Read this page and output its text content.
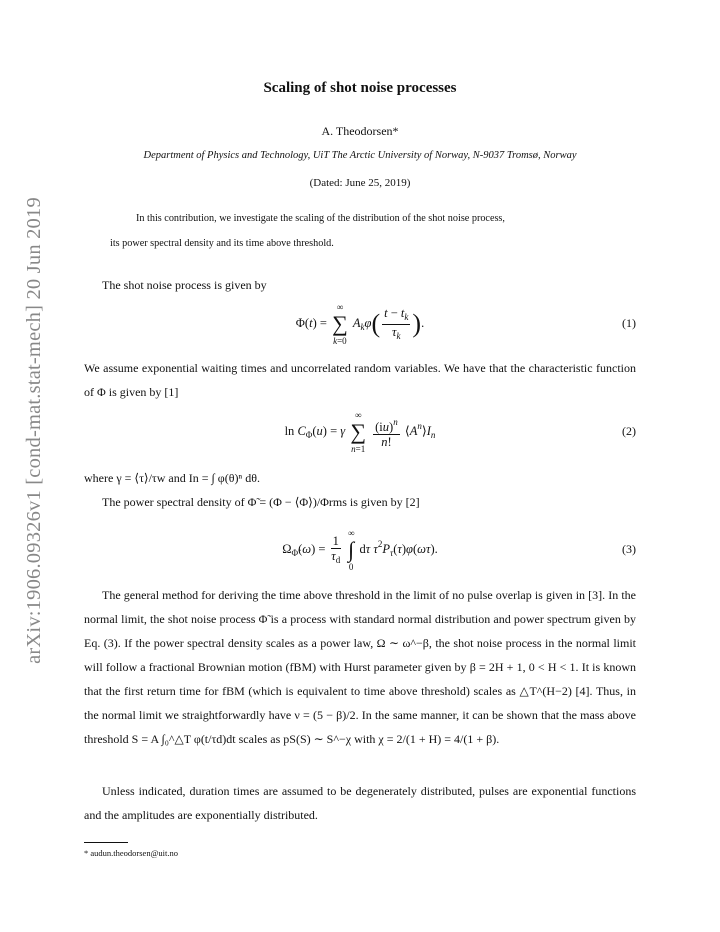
arXiv:1906.09326v1 [cond-mat.stat-mech] 20 Jun 2019
Scaling of shot noise processes
A. Theodorsen*
Department of Physics and Technology, UiT The Arctic University of Norway, N-9037 Tromsø, Norway
(Dated: June 25, 2019)

In this contribution, we investigate the scaling of the distribution of the shot noise process,

its power spectral density and its time above threshold.

The shot noise process is given by

Φ(t) =
∞
∑
k=0
$A_k\varphi( \frac{t - t_k}{\tau_k}$ ).	(1)

We assume exponential waiting times and uncorrelated random variables. We have that the characteristic function of Φ is given by [1]

$\ln C_\Phi(u) = \gamma$
∞
∑
n=1
$\frac{(iu)^n}{n!}$ $⟨A^n⟩I_n$	(2)

where γ = ⟨τ⟩/τw and In = ∫ φ(θ)ⁿ dθ.

The power spectral density of Φ̃ = (Φ − ⟨Φ⟩)/Φrms is given by [2]

$\Omega_{\Phĩ}(\omega) = \frac{1}{\tau_d}$

∞
∫
0
dτ $\tau^2P_\tau(\tau)\varphi(\omega\tau)$.	(3)

The general method for deriving the time above threshold in the limit of no pulse overlap is given in [3]. In the normal limit, the shot noise process Φ̃ is a process with standard normal distribution and power spectrum given by Eq. (3). If the power spectral density scales as a power law, Ω ∼ ω^−β, the shot noise process in the normal limit will follow a fractional Brownian motion (fBM) with Hurst parameter given by β = 2H + 1, 0 < H < 1. It is known that the first return time for fBM (which is equivalent to time above threshold) scales as △T^(H−2) [4]. Thus, in the normal limit we straightforwardly have ν = (5 − β)/2. In the same manner, it can be shown that the mass above threshold S = A ∫₀^△T φ(t/τd)dt scales as pS(S) ∼ S^−χ with χ = 2/(1 + H) = 4/(1 + β).

Unless indicated, duration times are assumed to be degenerately distributed, pulses are exponential functions and the amplitudes are exponentially distributed.

* audun.theodorsen@uit.no
